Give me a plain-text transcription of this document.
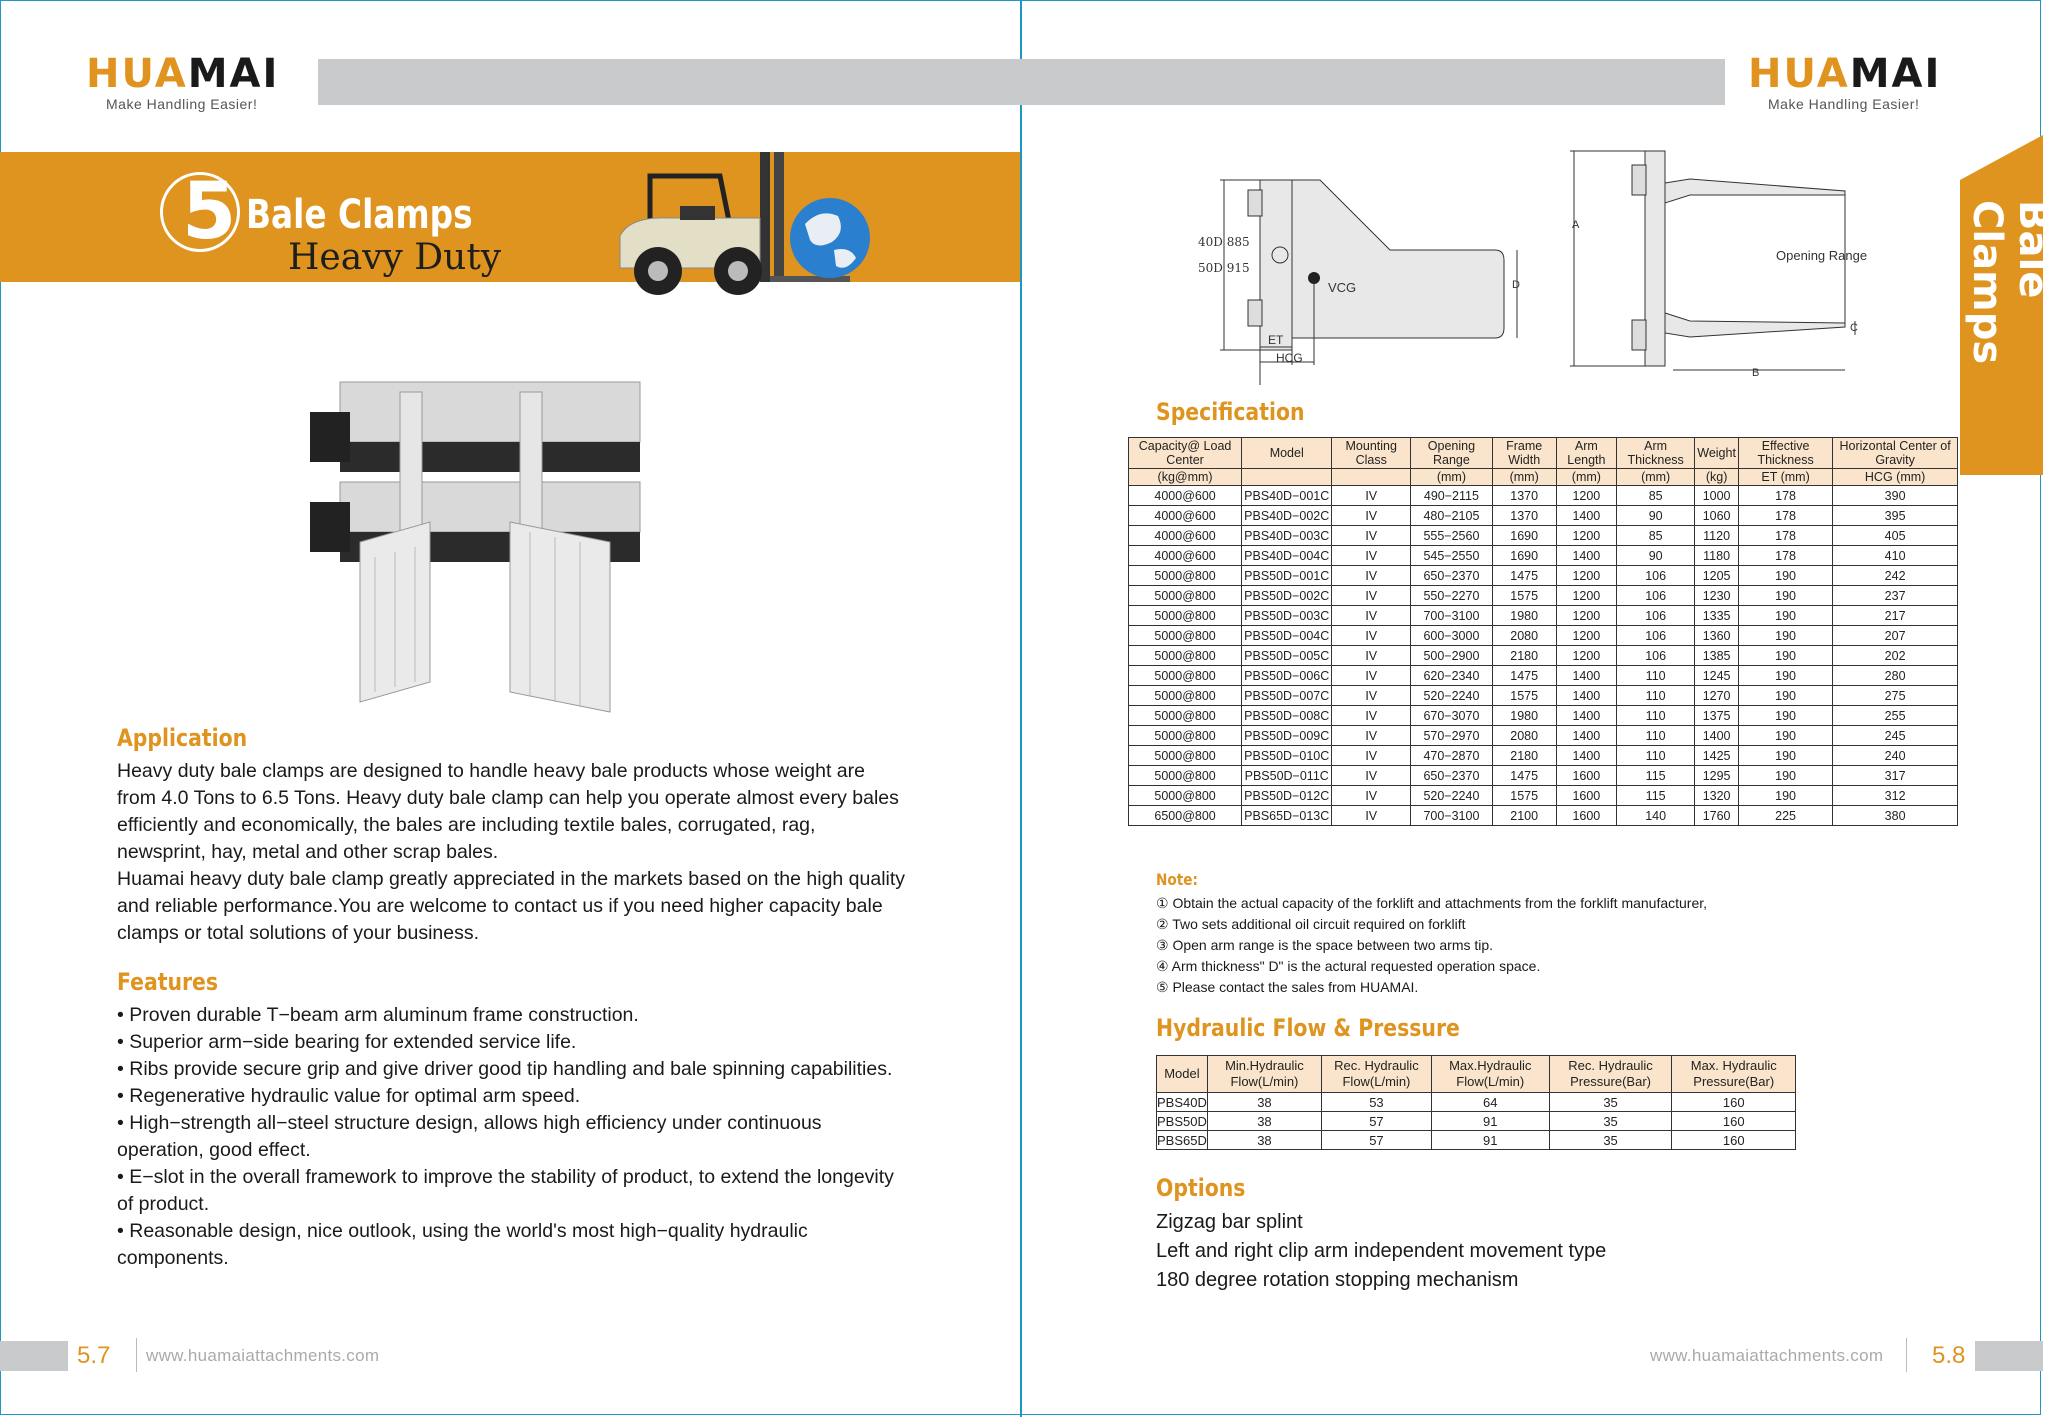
HUAMAI
Make Handling Easier!
HUAMAI
Make Handling Easier!
5 Bale Clamps
Heavy Duty
Application

Heavy duty bale clamps are designed to handle heavy bale products whose weight are from 4.0 Tons to 6.5 Tons. Heavy duty bale clamp can help you operate almost every bales efficiently and economically, the bales are including textile bales, corrugated, rag, newsprint, hay, metal and other scrap bales.

Huamai heavy duty bale clamp greatly appreciated in the markets based on the high quality and reliable performance.You are welcome to contact us if you need higher capacity bale clamps or total solutions of your business.

Features
• Proven durable T−beam arm aluminum frame construction.
• Superior arm−side bearing for extended service life.
• Ribs provide secure grip and give driver good tip handling and bale spinning capabilities.
• Regenerative hydraulic value for optimal arm speed.
• High−strength all−steel structure design, allows high efficiency under continuous operation, good effect.
• E−slot in the overall framework to improve the stability of product, to extend the longevity of product.
• Reasonable design, nice outlook, using the world's most high−quality hydraulic components.
5.7 www.huamaiattachments.com	www.huamaiattachments.com 5.8
Bale Clamps
40D 885
50D 915
VCG
ET
HCG
D
A
B
C
Opening Range
Specification
Capacity@ Load Center	Model	Mounting Class	Opening Range	Frame Width	Arm Length	Arm Thickness	Weight	Effective Thickness	Horizontal Center of Gravity
(kg@mm)			(mm)	(mm)	(mm)	(mm)	(kg)	ET (mm)	HCG (mm)
4000@600	PBS40D−001C	IV	490−2115	1370	1200	85	1000	178	390
4000@600	PBS40D−002C	IV	480−2105	1370	1400	90	1060	178	395
4000@600	PBS40D−003C	IV	555−2560	1690	1200	85	1120	178	405
4000@600	PBS40D−004C	IV	545−2550	1690	1400	90	1180	178	410
5000@800	PBS50D−001C	IV	650−2370	1475	1200	106	1205	190	242
5000@800	PBS50D−002C	IV	550−2270	1575	1200	106	1230	190	237
5000@800	PBS50D−003C	IV	700−3100	1980	1200	106	1335	190	217
5000@800	PBS50D−004C	IV	600−3000	2080	1200	106	1360	190	207
5000@800	PBS50D−005C	IV	500−2900	2180	1200	106	1385	190	202
5000@800	PBS50D−006C	IV	620−2340	1475	1400	110	1245	190	280
5000@800	PBS50D−007C	IV	520−2240	1575	1400	110	1270	190	275
5000@800	PBS50D−008C	IV	670−3070	1980	1400	110	1375	190	255
5000@800	PBS50D−009C	IV	570−2970	2080	1400	110	1400	190	245
5000@800	PBS50D−010C	IV	470−2870	2180	1400	110	1425	190	240
5000@800	PBS50D−011C	IV	650−2370	1475	1600	115	1295	190	317
5000@800	PBS50D−012C	IV	520−2240	1575	1600	115	1320	190	312
6500@800	PBS65D−013C	IV	700−3100	2100	1600	140	1760	225	380
Note:
① Obtain the actual capacity of the forklift and attachments from the forklift manufacturer,
② Two sets additional oil circuit required on forklift
③ Open arm range is the space between two arms tip.
④ Arm thickness" D" is the actural requested operation space.
⑤ Please contact the sales from HUAMAI.
Hydraulic Flow & Pressure
Model	Min.Hydraulic Flow(L/min)	Rec. Hydraulic Flow(L/min)	Max.Hydraulic Flow(L/min)	Rec. Hydraulic Pressure(Bar)	Max. Hydraulic Pressure(Bar)
PBS40D	38	53	64	35	160
PBS50D	38	57	91	35	160
PBS65D	38	57	91	35	160
Options
Zigzag bar splint
Left and right clip arm independent movement type
180 degree rotation stopping mechanism
